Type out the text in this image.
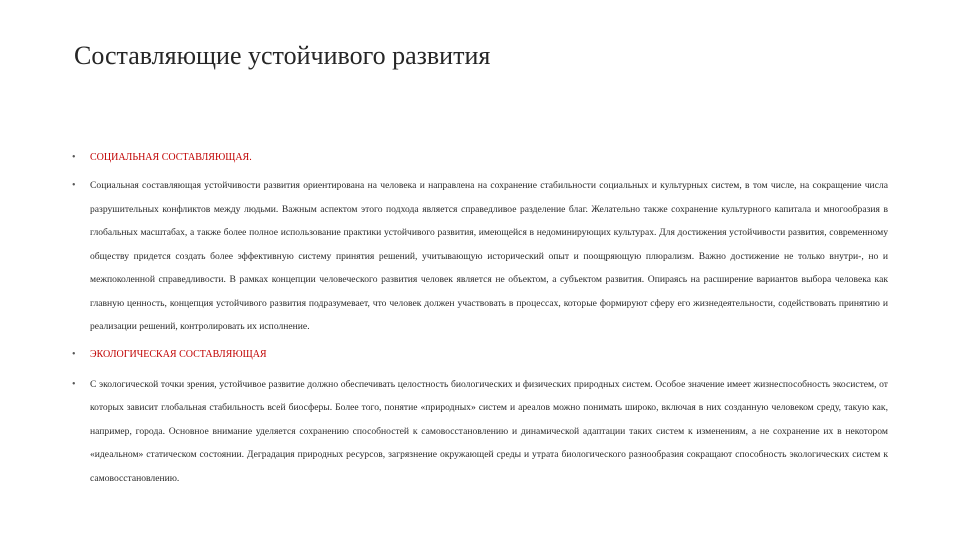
Составляющие устойчивого развития
•	СОЦИАЛЬНАЯ СОСТАВЛЯЮЩАЯ.
•	Социальная составляющая устойчивости развития ориентирована на человека и направлена на сохранение стабильности социальных и культурных систем, в том числе, на сокращение числа разрушительных конфликтов между людьми. Важным аспектом этого подхода является справедливое разделение благ. Желательно также сохранение культурного капитала и многообразия в глобальных масштабах, а также более полное использование практики устойчивого развития, имеющейся в недоминирующих культурах. Для достижения устойчивости развития, современному обществу придется создать более эффективную систему принятия решений, учитывающую исторический опыт и поощряющую плюрализм. Важно достижение не только внутри-, но и межпоколенной справедливости. В рамках концепции человеческого развития человек является не объектом, а субъектом развития. Опираясь на расширение вариантов выбора человека как главную ценность, концепция устойчивого развития подразумевает, что человек должен участвовать в процессах, которые формируют сферу его жизнедеятельности, содействовать принятию и реализации решений, контролировать их исполнение.
•	ЭКОЛОГИЧЕСКАЯ СОСТАВЛЯЮЩАЯ
•	С экологической точки зрения, устойчивое развитие должно обеспечивать целостность биологических и физических природных систем. Особое значение имеет жизнеспособность экосистем, от которых зависит глобальная стабильность всей биосферы. Более того, понятие «природных» систем и ареалов можно понимать широко, включая в них созданную человеком среду, такую как, например, города. Основное внимание уделяется сохранению способностей к самовосстановлению и динамической адаптации таких систем к изменениям, а не сохранение их в некотором «идеальном» статическом состоянии. Деградация природных ресурсов, загрязнение окружающей среды и утрата биологического разнообразия сокращают способность экологических систем к самовосстановлению.
